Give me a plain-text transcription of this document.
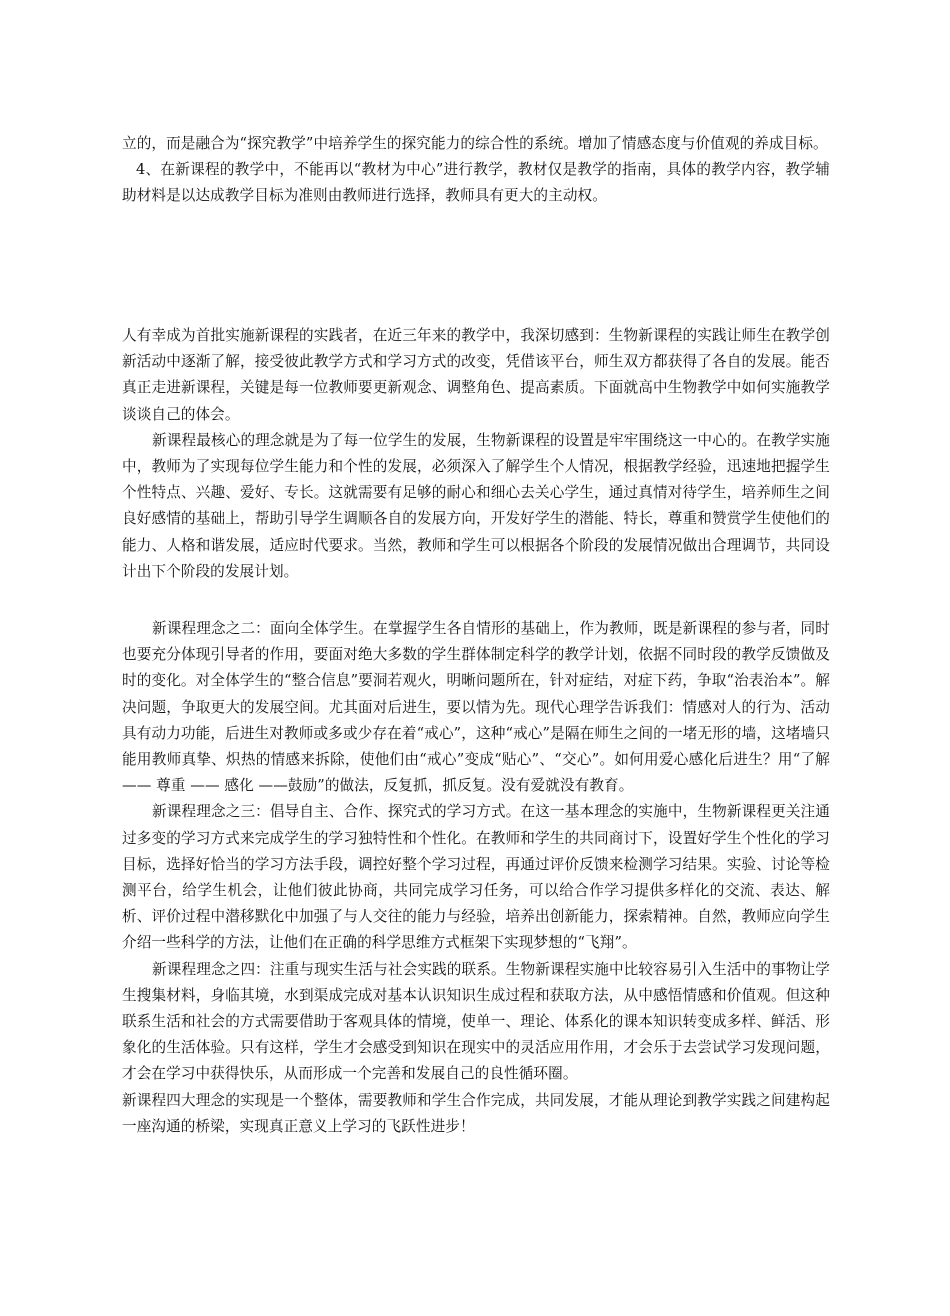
立的，而是融合为“探究教学”中培养学生的探究能力的综合性的系统。增加了情感态度与价值观的养成目标。

4、在新课程的教学中，不能再以“教材为中心”进行教学，教材仅是教学的指南，具体的教学内容，教学辅助材料是以达成教学目标为准则由教师进行选择，教师具有更大的主动权。

人有幸成为首批实施新课程的实践者，在近三年来的教学中，我深切感到：生物新课程的实践让师生在教学创新活动中逐渐了解，接受彼此教学方式和学习方式的改变，凭借该平台，师生双方都获得了各自的发展。能否真正走进新课程，关键是每一位教师要更新观念、调整角色、提高素质。下面就高中生物教学中如何实施教学谈谈自己的体会。

新课程最核心的理念就是为了每一位学生的发展，生物新课程的设置是牢牢围绕这一中心的。在教学实施中，教师为了实现每位学生能力和个性的发展，必须深入了解学生个人情况，根据教学经验，迅速地把握学生个性特点、兴趣、爱好、专长。这就需要有足够的耐心和细心去关心学生，通过真情对待学生，培养师生之间良好感情的基础上，帮助引导学生调顺各自的发展方向，开发好学生的潜能、特长，尊重和赞赏学生使他们的能力、人格和谐发展，适应时代要求。当然，教师和学生可以根据各个阶段的发展情况做出合理调节，共同设计出下个阶段的发展计划。

新课程理念之二：面向全体学生。在掌握学生各自情形的基础上，作为教师，既是新课程的参与者，同时也要充分体现引导者的作用，要面对绝大多数的学生群体制定科学的教学计划，依据不同时段的教学反馈做及时的变化。对全体学生的“整合信息”要洞若观火，明晰问题所在，针对症结，对症下药，争取“治表治本”。解决问题，争取更大的发展空间。尤其面对后进生，要以情为先。现代心理学告诉我们：情感对人的行为、活动具有动力功能，后进生对教师或多或少存在着“戒心”，这种“戒心”是隔在师生之间的一堵无形的墙，这堵墙只能用教师真挚、炽热的情感来拆除，使他们由“戒心”变成“贴心”、“交心”。如何用爱心感化后进生？用“了解 —— 尊重 —— 感化 ——鼓励”的做法，反复抓，抓反复。没有爱就没有教育。

新课程理念之三：倡导自主、合作、探究式的学习方式。在这一基本理念的实施中，生物新课程更关注通过多变的学习方式来完成学生的学习独特性和个性化。在教师和学生的共同商讨下，设置好学生个性化的学习目标，选择好恰当的学习方法手段，调控好整个学习过程，再通过评价反馈来检测学习结果。实验、讨论等检测平台，给学生机会，让他们彼此协商，共同完成学习任务，可以给合作学习提供多样化的交流、表达、解析、评价过程中潜移默化中加强了与人交往的能力与经验，培养出创新能力，探索精神。自然，教师应向学生介绍一些科学的方法，让他们在正确的科学思维方式框架下实现梦想的“飞翔”。

新课程理念之四：注重与现实生活与社会实践的联系。生物新课程实施中比较容易引入生活中的事物让学生搜集材料，身临其境，水到渠成完成对基本认识知识生成过程和获取方法，从中感悟情感和价值观。但这种联系生活和社会的方式需要借助于客观具体的情境，使单一、理论、体系化的课本知识转变成多样、鲜活、形象化的生活体验。只有这样，学生才会感受到知识在现实中的灵活应用作用，才会乐于去尝试学习发现问题，才会在学习中获得快乐，从而形成一个完善和发展自己的良性循环圈。

新课程四大理念的实现是一个整体，需要教师和学生合作完成，共同发展，才能从理论到教学实践之间建构起一座沟通的桥梁，实现真正意义上学习的飞跃性进步！
